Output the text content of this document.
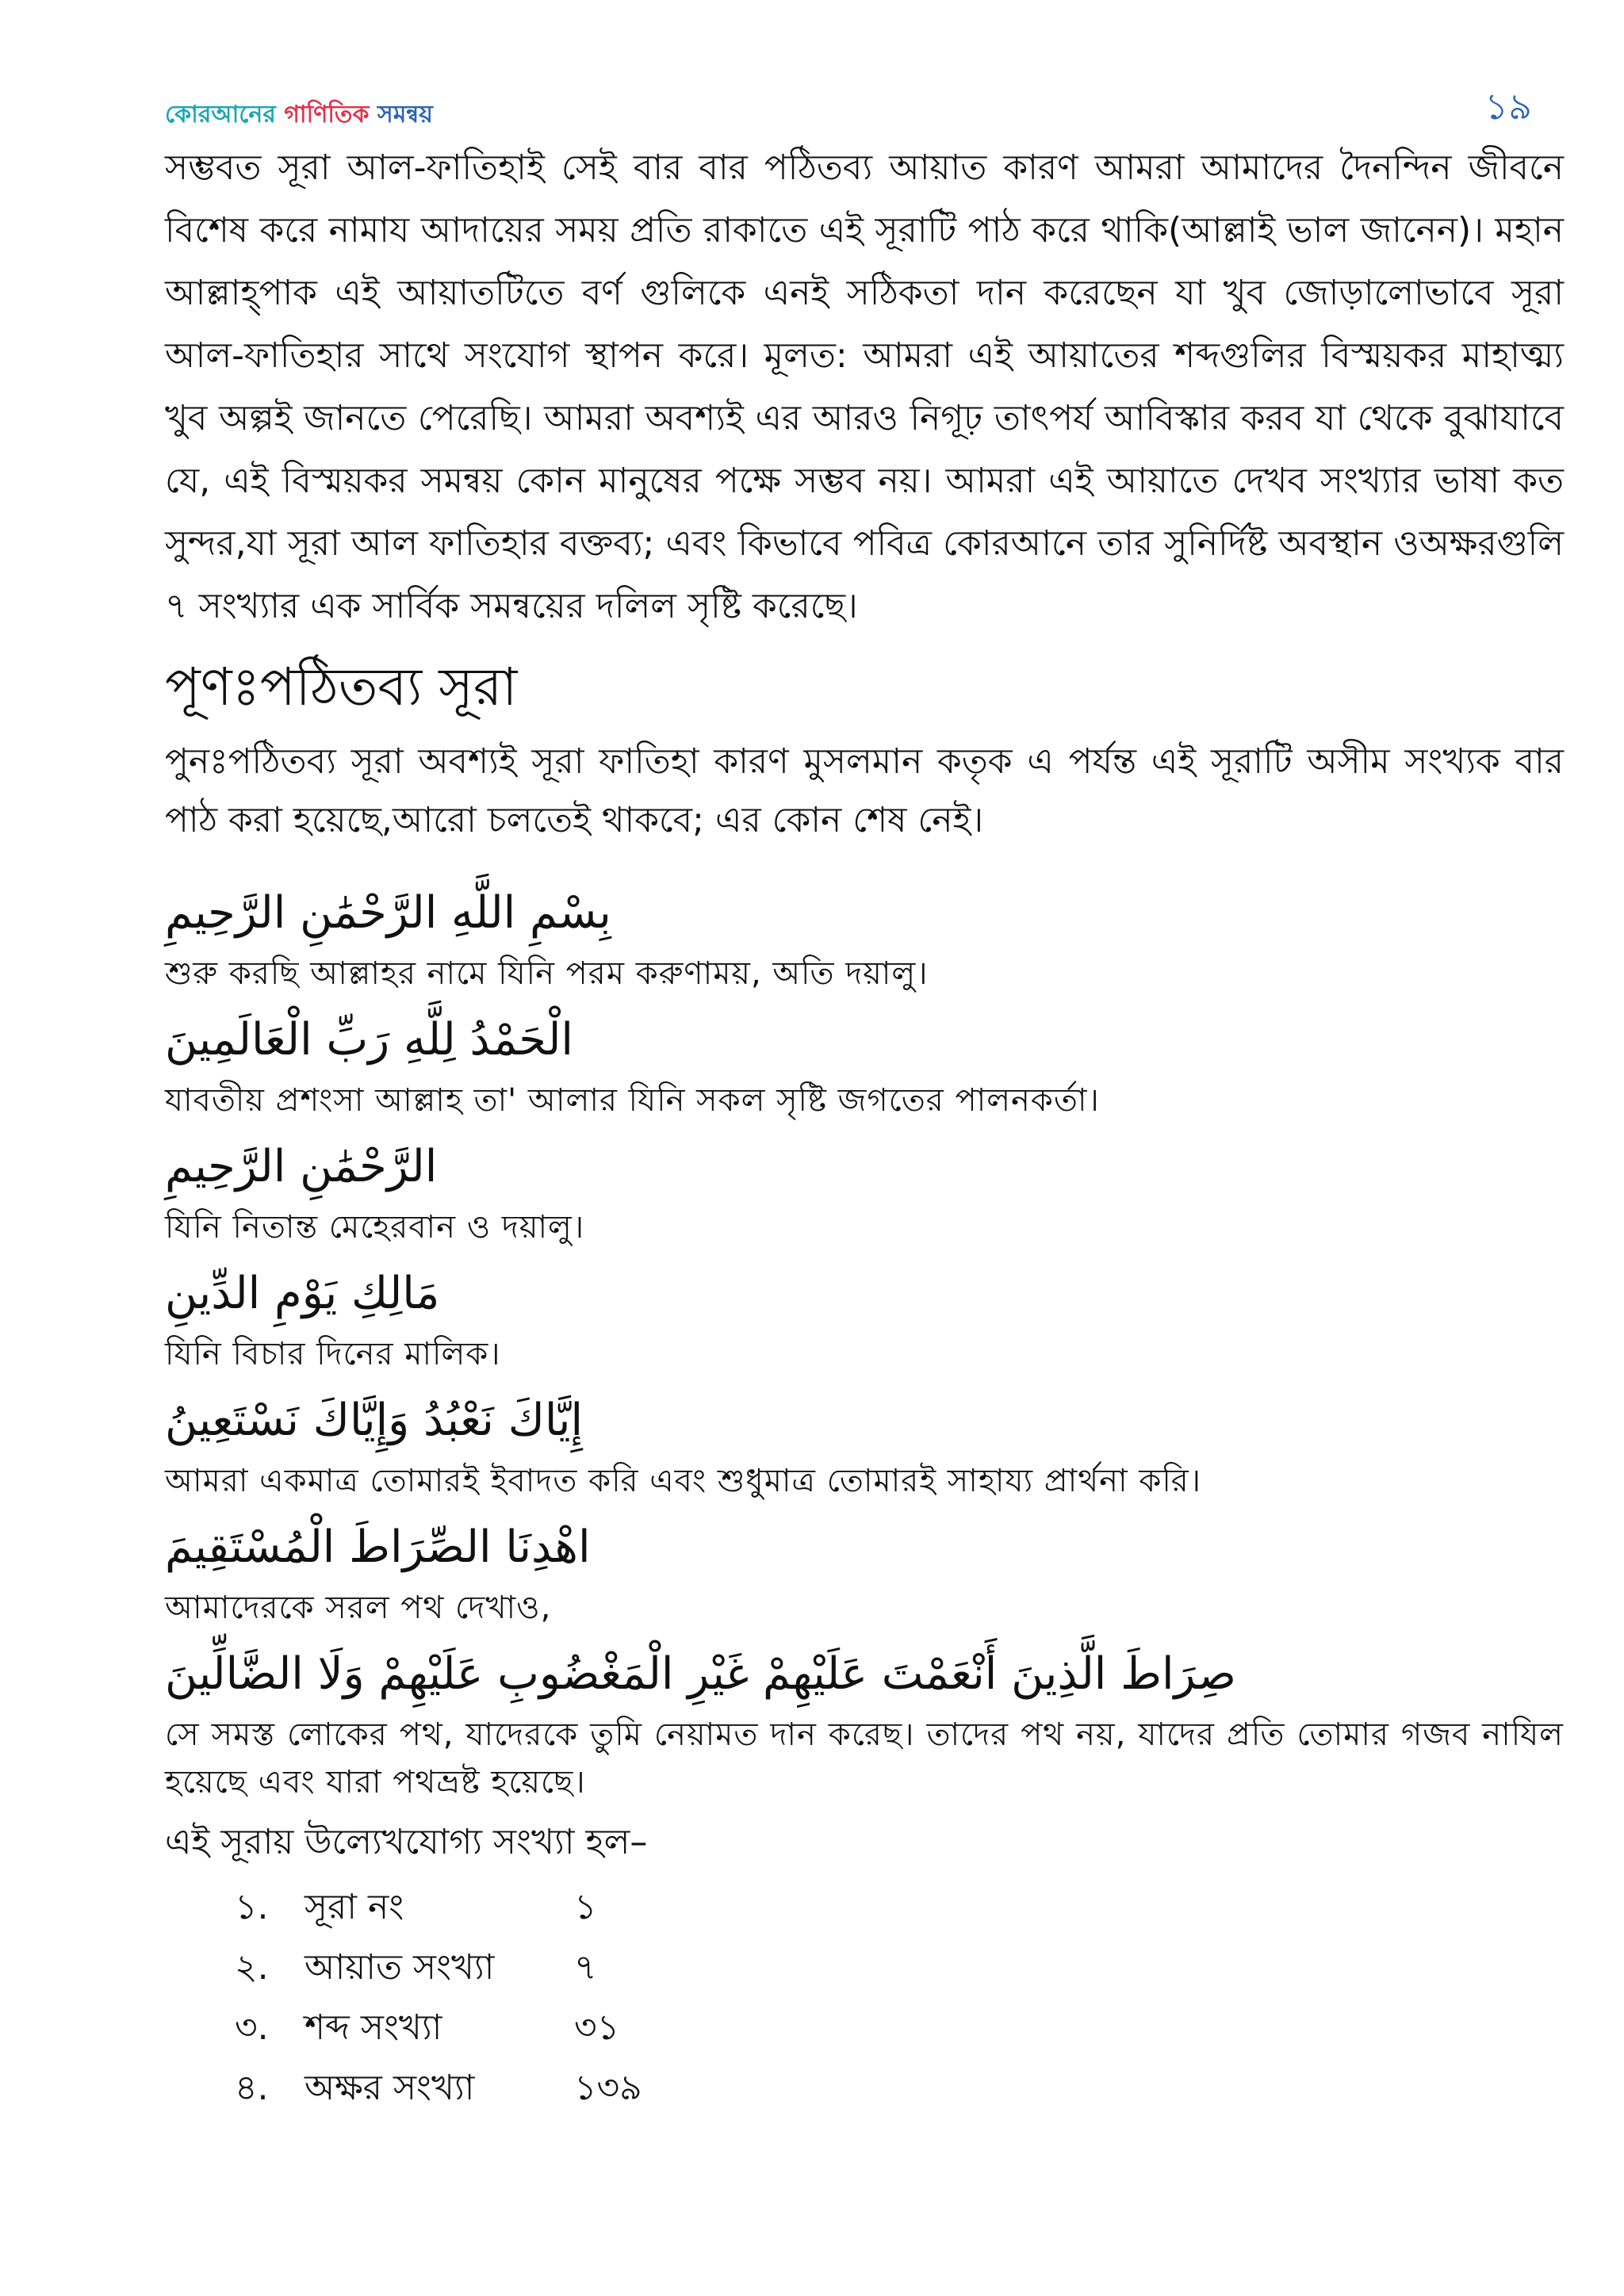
কোরআনের গাণিতিক সমন্বয়	১৯

সম্ভবত সূরা আল-ফাতিহাই সেই বার বার পঠিতব্য আয়াত কারণ আমরা আমাদের দৈনন্দিন জীবনে বিশেষ করে নামায আদায়ের সময় প্রতি রাকাতে এই সূরাটি পাঠ করে থাকি(আল্লাই ভাল জানেন)। মহান আল্লাহ্পাক এই আয়াতটিতে বর্ণ গুলিকে এনই সঠিকতা দান করেছেন যা খুব জোড়ালোভাবে সূরা আল-ফাতিহার সাথে সংযোগ স্থাপন করে। মূলত: আমরা এই আয়াতের শব্দগুলির বিস্ময়কর মাহাত্ম্য খুব অল্পই জানতে পেরেছি। আমরা অবশ্যই এর আরও নিগূঢ় তাৎপর্য আবিস্কার করব যা থেকে বুঝাযাবে যে, এই বিস্ময়কর সমন্বয় কোন মানুষের পক্ষে সম্ভব নয়। আমরা এই আয়াতে দেখব সংখ্যার ভাষা কত সুন্দর,যা সূরা আল ফাতিহার বক্তব্য; এবং কিভাবে পবিত্র কোরআনে তার সুনির্দিষ্ট অবস্থান ওঅক্ষরগুলি ৭ সংখ্যার এক সার্বিক সমন্বয়ের দলিল সৃষ্টি করেছে।

পূণঃপঠিতব্য সূরা

পুনঃপঠিতব্য সূরা অবশ্যই সূরা ফাতিহা কারণ মুসলমান কতৃক এ পর্যন্ত এই সূরাটি অসীম সংখ্যক বার পাঠ করা হয়েছে,আরো চলতেই থাকবে; এর কোন শেষ নেই।

بِسْمِ اللَّهِ الرَّحْمَٰنِ الرَّحِيمِ

শুরু করছি আল্লাহর নামে যিনি পরম করুণাময়, অতি দয়ালু।

الْحَمْدُ لِلَّهِ رَبِّ الْعَالَمِينَ

যাবতীয় প্রশংসা আল্লাহ তা' আলার যিনি সকল সৃষ্টি জগতের পালনকর্তা।

الرَّحْمَٰنِ الرَّحِيمِ

যিনি নিতান্ত মেহেরবান ও দয়ালু।

مَالِكِ يَوْمِ الدِّينِ

যিনি বিচার দিনের মালিক।

إِيَّاكَ نَعْبُدُ وَإِيَّاكَ نَسْتَعِينُ

আমরা একমাত্র তোমারই ইবাদত করি এবং শুধুমাত্র তোমারই সাহায্য প্রার্থনা করি।

اهْدِنَا الصِّرَاطَ الْمُسْتَقِيمَ

আমাদেরকে সরল পথ দেখাও,

صِرَاطَ الَّذِينَ أَنْعَمْتَ عَلَيْهِمْ غَيْرِ الْمَغْضُوبِ عَلَيْهِمْ وَلَا الضَّالِّينَ

সে সমস্ত লোকের পথ, যাদেরকে তুমি নেয়ামত দান করেছ। তাদের পথ নয়, যাদের প্রতি তোমার গজব নাযিল হয়েছে এবং যারা পথভ্রষ্ট হয়েছে।

এই সূরায় উল্যেখযোগ্য সংখ্যা হল–

১.	সূরা নং	১
২.	আয়াত সংখ্যা	৭
৩.	শব্দ সংখ্যা	৩১
৪.	অক্ষর সংখ্যা	১৩৯
